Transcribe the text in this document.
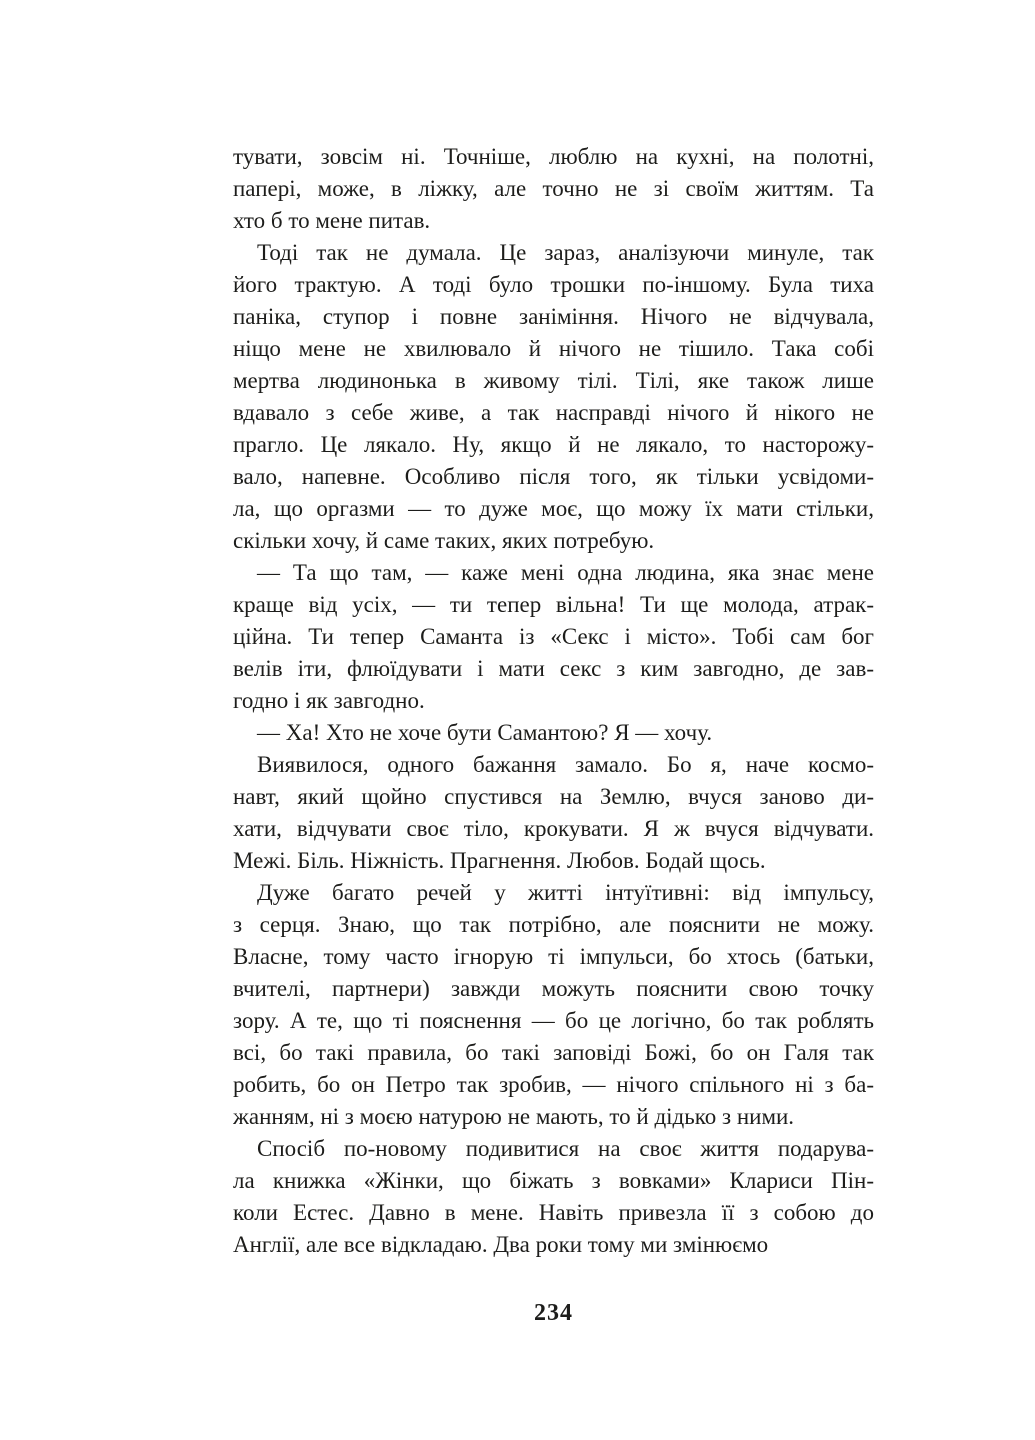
тувати, зовсім ні. Точніше, люблю на кухні, на полотні,
папері, може, в ліжку, але точно не зі своїм життям. Та
хто б то мене питав.
Тоді так не думала. Це зараз, аналізуючи минуле, так
його трактую. А тоді було трошки по-іншому. Була тиха
паніка, ступор і повне заніміння. Нічого не відчувала,
ніщо мене не хвилювало й нічого не тішило. Така собі
мертва людинонька в живому тілі. Тілі, яке також лише
вдавало з себе живе, а так насправді нічого й нікого не
прагло. Це лякало. Ну, якщо й не лякало, то насторожу-
вало, напевне. Особливо після того, як тільки усвідоми-
ла, що оргазми — то дуже моє, що можу їх мати стільки,
скільки хочу, й саме таких, яких потребую.
— Та що там, — каже мені одна людина, яка знає мене
краще від усіх, — ти тепер вільна! Ти ще молода, атрак-
ційна. Ти тепер Саманта із «Секс і місто». Тобі сам бог
велів іти, флюїдувати і мати секс з ким завгодно, де зав-
годно і як завгодно.
— Ха! Хто не хоче бути Самантою? Я — хочу.
Виявилося, одного бажання замало. Бо я, наче космо-
навт, який щойно спустився на Землю, вчуся заново ди-
хати, відчувати своє тіло, крокувати. Я ж вчуся відчувати.
Межі. Біль. Ніжність. Прагнення. Любов. Бодай щось.
Дуже багато речей у житті інтуїтивні: від імпульсу,
з серця. Знаю, що так потрібно, але пояснити не можу.
Власне, тому часто ігнорую ті імпульси, бо хтось (батьки,
вчителі, партнери) завжди можуть пояснити свою точку
зору. А те, що ті пояснення — бо це логічно, бо так роблять
всі, бо такі правила, бо такі заповіді Божі, бо он Галя так
робить, бо он Петро так зробив, — нічого спільного ні з ба-
жанням, ні з моєю натурою не мають, то й дідько з ними.
Спосіб по-новому подивитися на своє життя подарува-
ла книжка «Жінки, що біжать з вовками» Клариси Пін-
коли Естес. Давно в мене. Навіть привезла її з собою до
Англії, але все відкладаю. Два роки тому ми змінюємо
234
